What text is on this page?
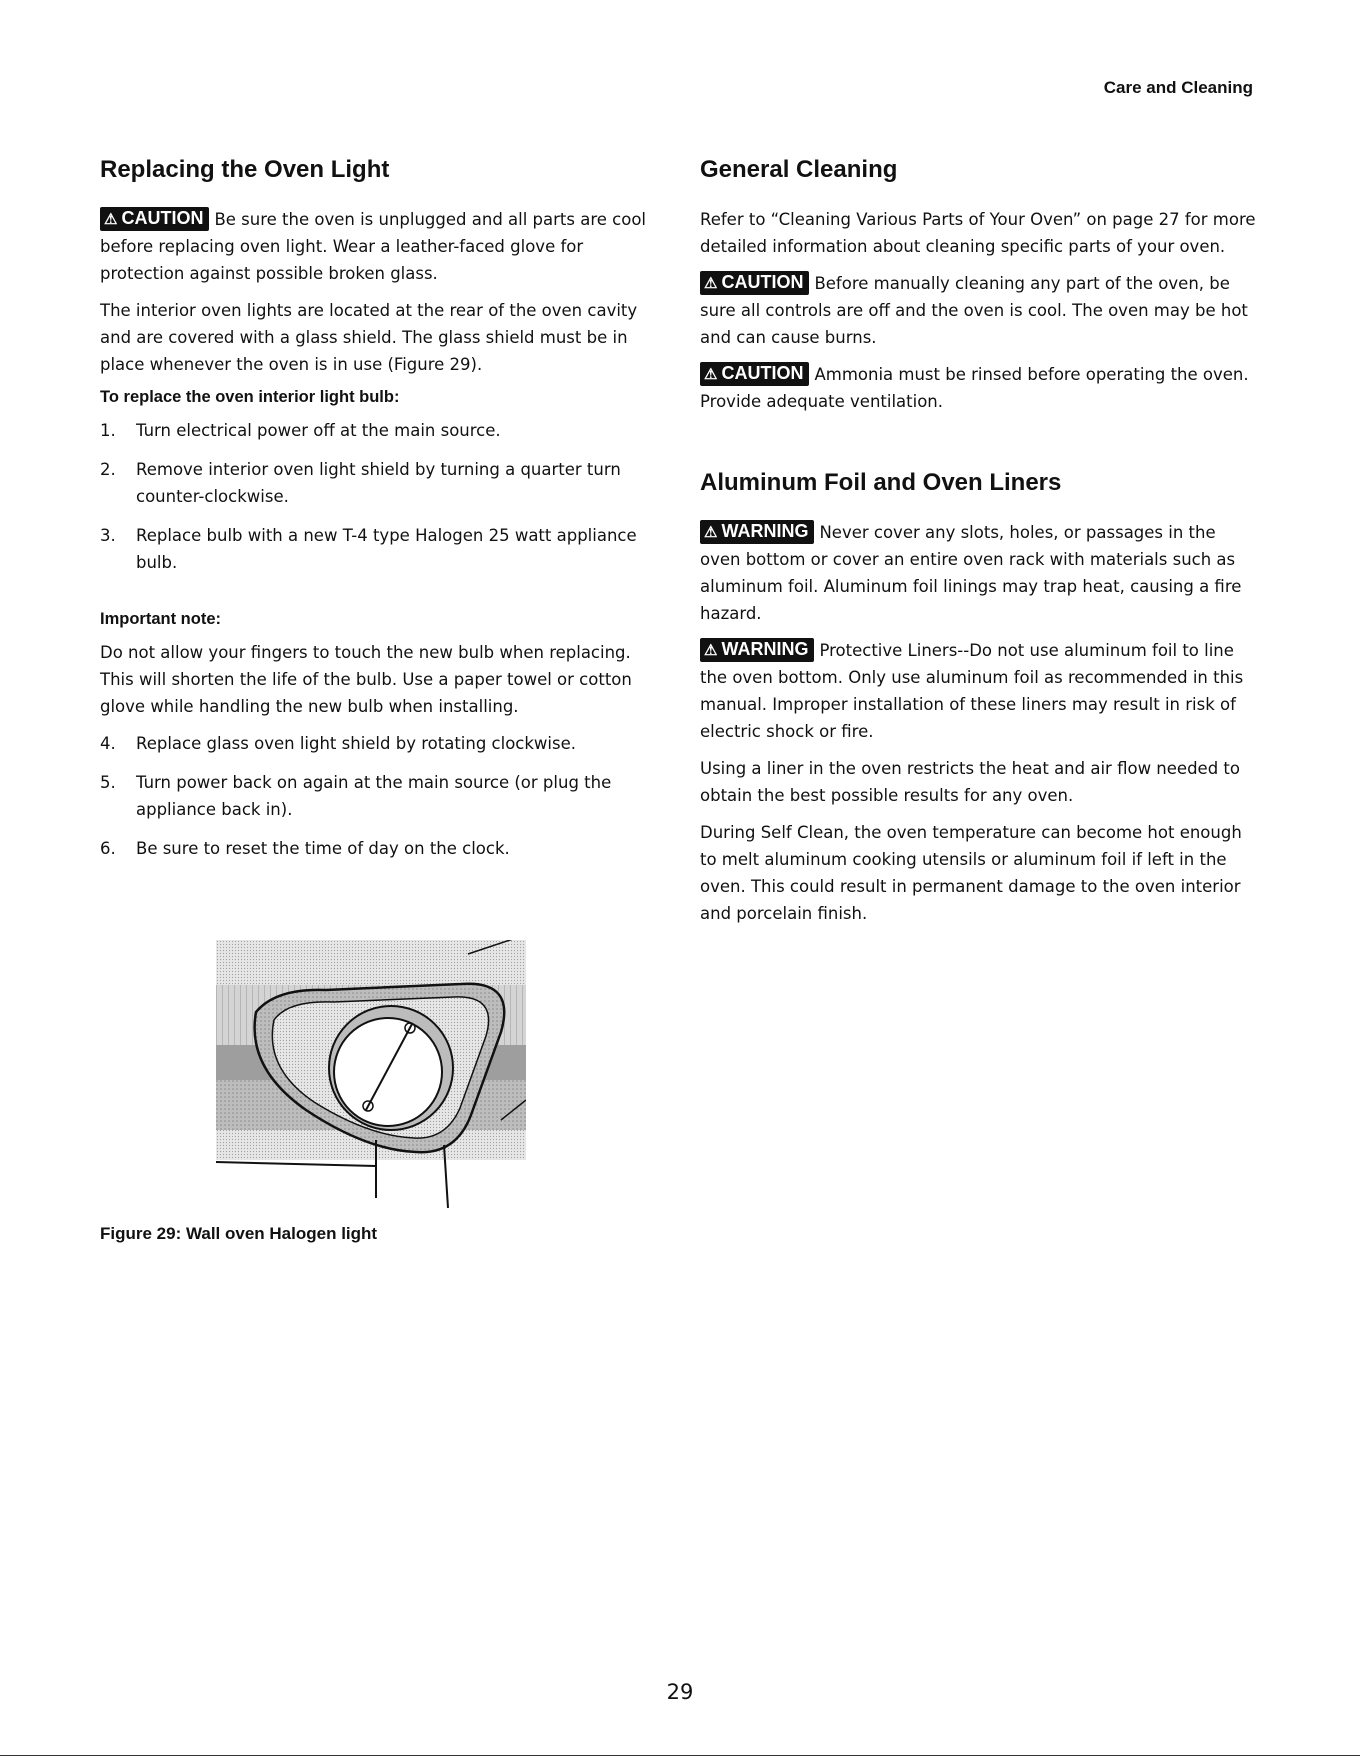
Care and Cleaning
Replacing the Oven Light

⚠ CAUTION Be sure the oven is unplugged and all parts are cool before replacing oven light. Wear a leather-faced glove for protection against possible broken glass.

The interior oven lights are located at the rear of the oven cavity and are covered with a glass shield. The glass shield must be in place whenever the oven is in use (Figure 29).

To replace the oven interior light bulb:
1. Turn electrical power off at the main source.
2. Remove interior oven light shield by turning a quarter turn counter-clockwise.
3. Replace bulb with a new T-4 type Halogen 25 watt appliance bulb.
Important note:

Do not allow your fingers to touch the new bulb when replacing. This will shorten the life of the bulb. Use a paper towel or cotton glove while handling the new bulb when installing.

4. Replace glass oven light shield by rotating clockwise.
5. Turn power back on again at the main source (or plug the appliance back in).
6. Be sure to reset the time of day on the clock.
Figure 29: Wall oven Halogen light
General Cleaning

Refer to “Cleaning Various Parts of Your Oven” on page 27 for more detailed information about cleaning specific parts of your oven.

⚠ CAUTION Before manually cleaning any part of the oven, be sure all controls are off and the oven is cool. The oven may be hot and can cause burns.

⚠ CAUTION Ammonia must be rinsed before operating the oven. Provide adequate ventilation.

Aluminum Foil and Oven Liners

⚠ WARNING Never cover any slots, holes, or passages in the oven bottom or cover an entire oven rack with materials such as aluminum foil. Aluminum foil linings may trap heat, causing a fire hazard.

⚠ WARNING Protective Liners--Do not use aluminum foil to line the oven bottom. Only use aluminum foil as recommended in this manual. Improper installation of these liners may result in risk of electric shock or fire.

Using a liner in the oven restricts the heat and air flow needed to obtain the best possible results for any oven.

During Self Clean, the oven temperature can become hot enough to melt aluminum cooking utensils or aluminum foil if left in the oven. This could result in permanent damage to the oven interior and porcelain finish.

29
